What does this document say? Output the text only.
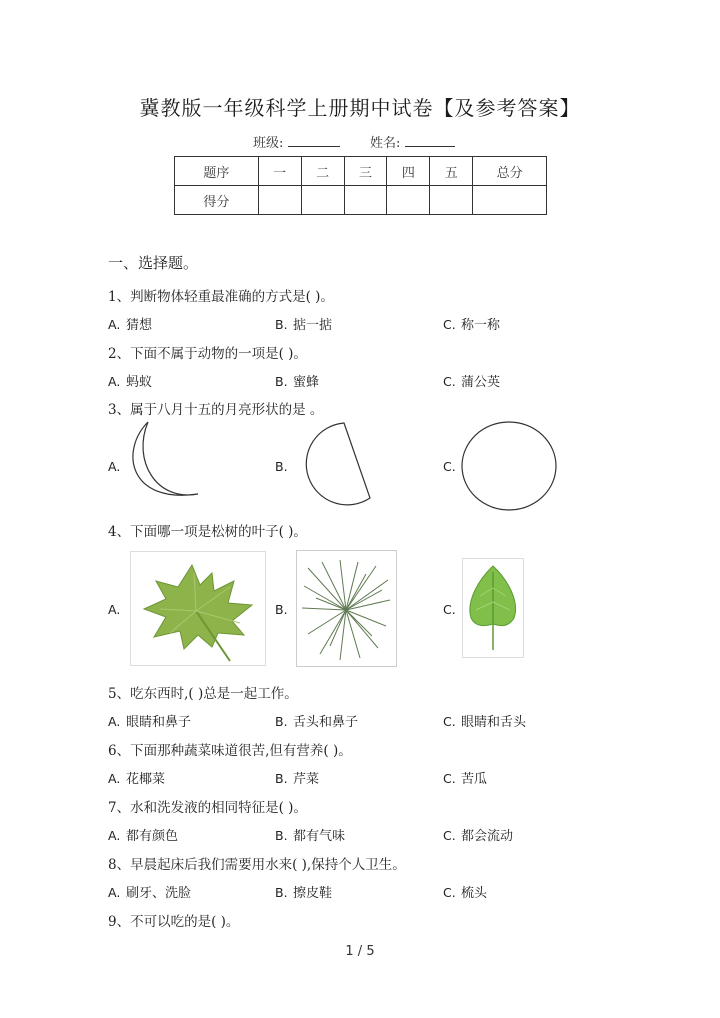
冀教版一年级科学上册期中试卷【及参考答案】
班级:	姓名:
题序	一	二	三	四	五	总分
得分						
一、选择题。
1、判断物体轻重最准确的方式是( )。
A. 猜想	B. 掂一掂	C. 称一称
2、下面不属于动物的一项是( )。
A. 蚂蚁	B. 蜜蜂	C. 蒲公英
3、属于八月十五的月亮形状的是 。
A.	B.	C.
4、下面哪一项是松树的叶子( )。
A.	B.	C.
5、吃东西时,( )总是一起工作。
A. 眼睛和鼻子	B. 舌头和鼻子	C. 眼睛和舌头
6、下面那种蔬菜味道很苦,但有营养( )。
A. 花椰菜	B. 芹菜	C. 苦瓜
7、水和洗发液的相同特征是( )。
A. 都有颜色	B. 都有气味	C. 都会流动
8、早晨起床后我们需要用水来( ),保持个人卫生。
A. 刷牙、洗脸	B. 擦皮鞋	C. 梳头
9、不可以吃的是( )。
1 / 5
